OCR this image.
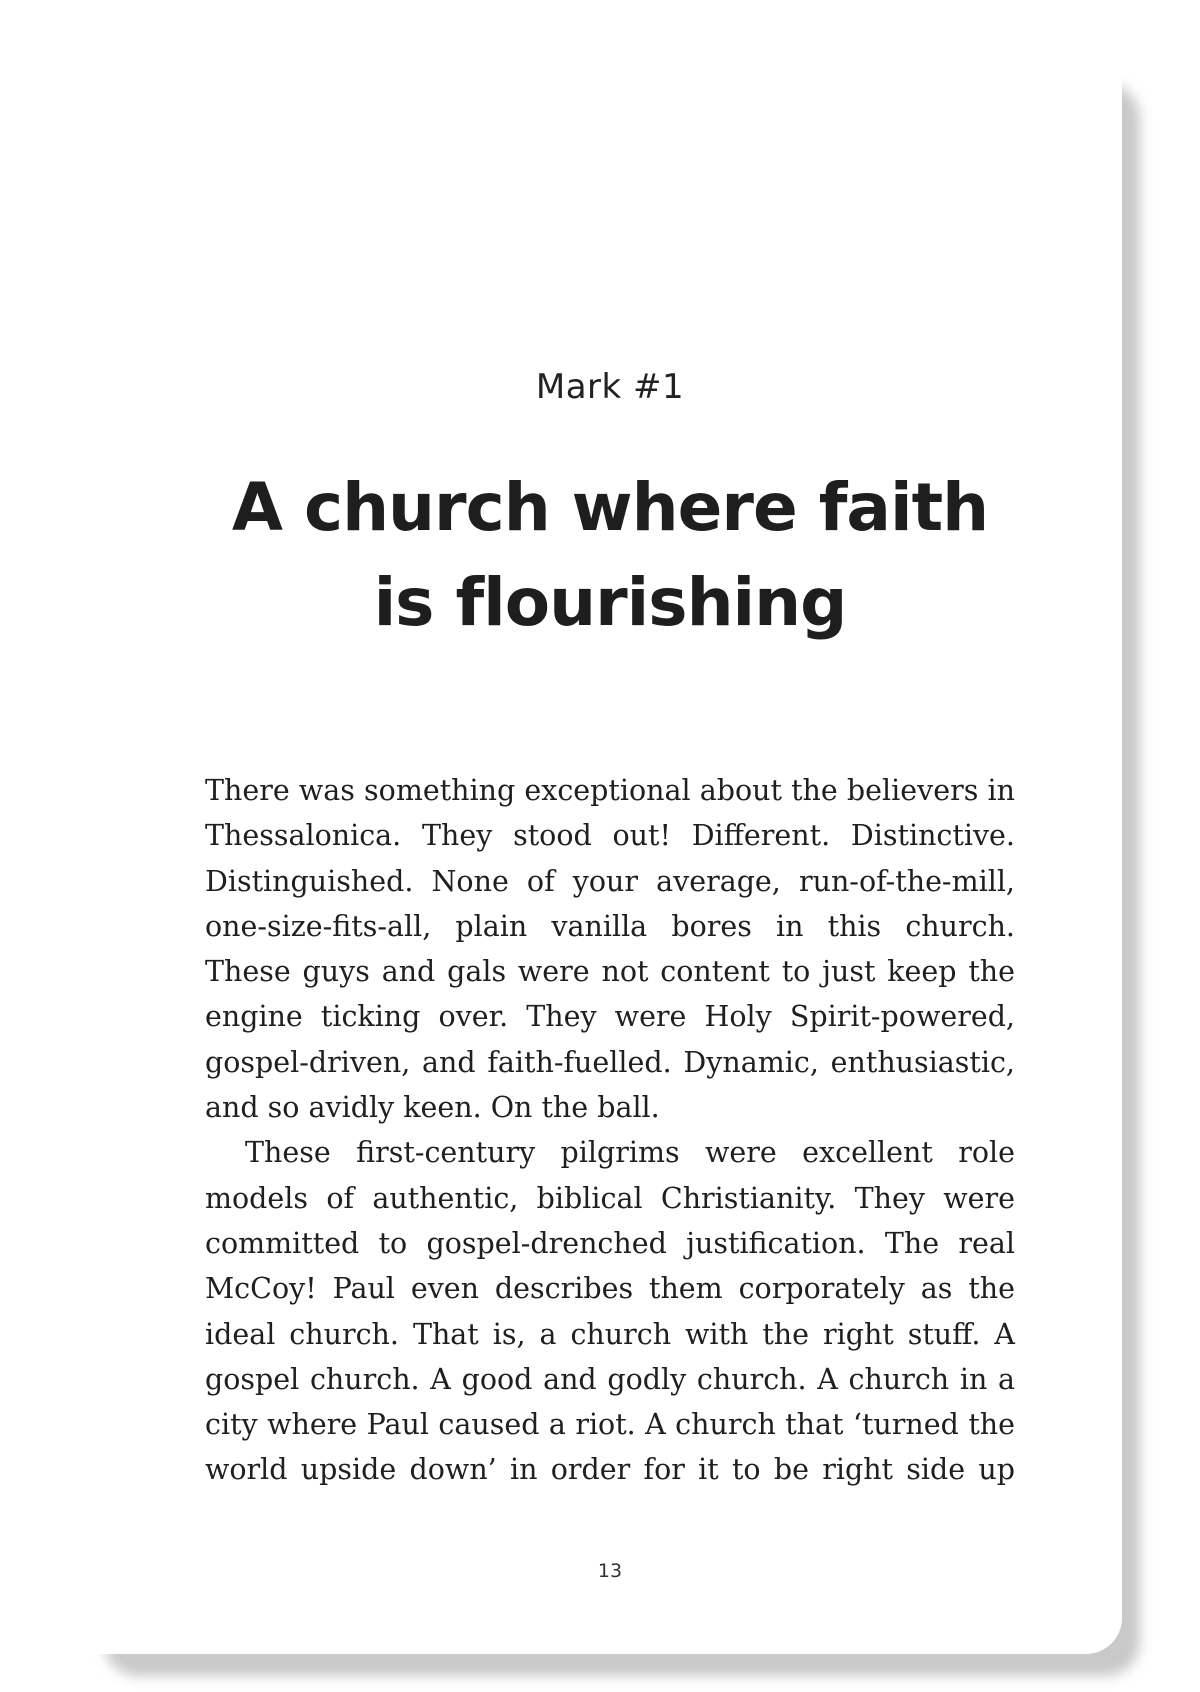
Mark #1
A church where faith
is flourishing

There was something exceptional about the believers in Thessalonica. They stood out! Different. Distinctive. Distinguished. None of your average, run-of-the-mill, one-size-fits-all, plain vanilla bores in this church. These guys and gals were not content to just keep the engine ticking over. They were Holy Spirit-powered, gospel-driven, and faith-fuelled. Dynamic, enthusiastic, and so avidly keen. On the ball.

These first-century pilgrims were excellent role models of authentic, biblical Christianity. They were committed to gospel-drenched justification. The real McCoy! Paul even describes them corporately as the ideal church. That is, a church with the right stuff. A gospel church. A good and godly church. A church in a city where Paul caused a riot. A church that ‘turned the world upside down’ in order for it to be right side up

13
